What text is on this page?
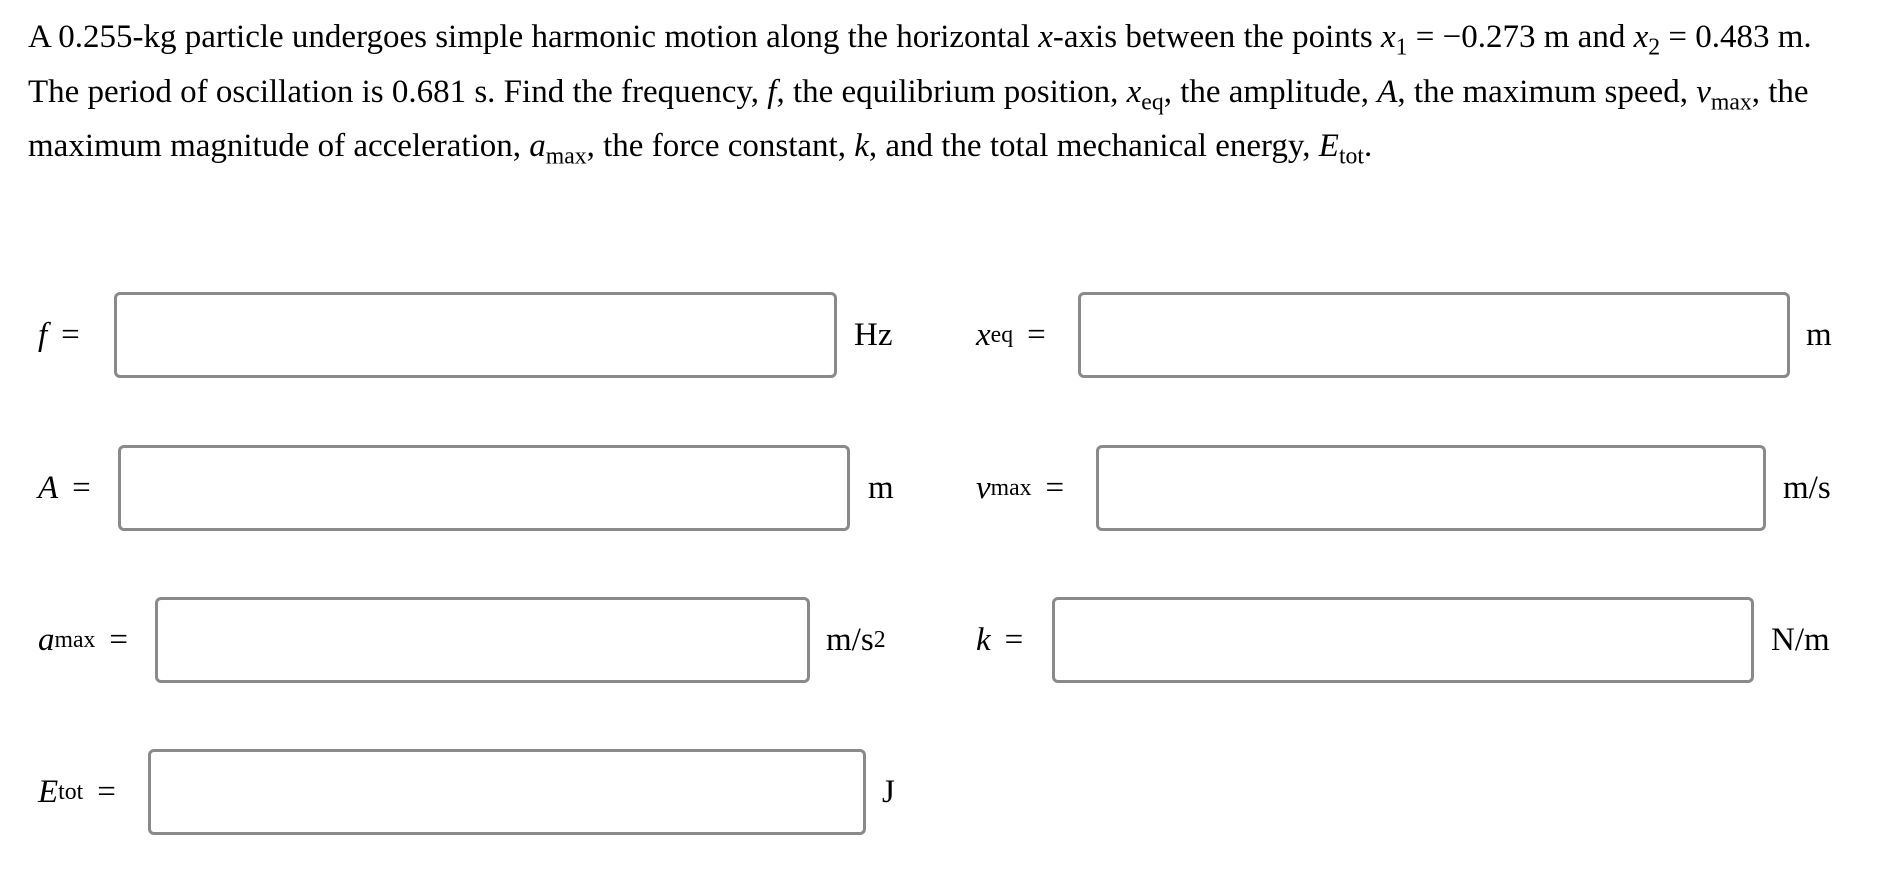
A 0.255-kg particle undergoes simple harmonic motion along the horizontal x-axis between the points $x_1 = -0.273$ m and $x_2 = 0.483$ m. The period of oscillation is 0.681 s. Find the frequency, f, the equilibrium position, $x_{eq}$, the amplitude, A, the maximum speed, $v_{max}$, the maximum magnitude of acceleration, $a_{max}$, the force constant, k, and the total mechanical energy, $E_{tot}$.
f =	Hz	x eq =	m
A =	m v max =	m/s
a max =	m/s 2	k =	N/m
E tot =	J
